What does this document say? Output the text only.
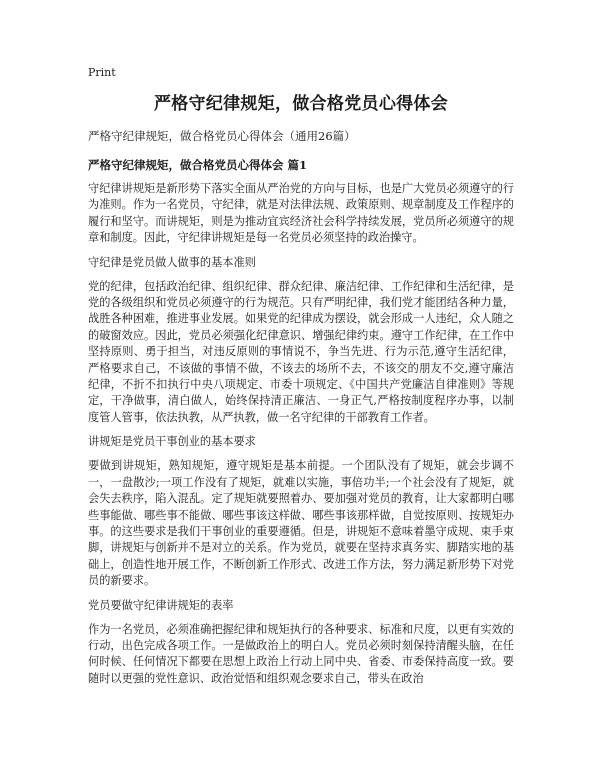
Print
严格守纪律规矩，做合格党员心得体会
严格守纪律规矩，做合格党员心得体会（通用26篇）
严格守纪律规矩，做合格党员心得体会 篇1

守纪律讲规矩是新形势下落实全面从严治党的方向与目标，也是广大党员必须遵守的行为准则。作为一名党员，守纪律，就是对法律法规、政策原则、规章制度及工作程序的履行和坚守。而讲规矩，则是为推动宜宾经济社会科学持续发展，党员所必须遵守的规章和制度。因此，守纪律讲规矩是每一名党员必须坚持的政治操守。

守纪律是党员做人做事的基本准则

党的纪律，包括政治纪律、组织纪律、群众纪律、廉洁纪律、工作纪律和生活纪律，是党的各级组织和党员必须遵守的行为规范。只有严明纪律，我们党才能团结各种力量，战胜各种困难，推进事业发展。如果党的纪律成为摆设，就会形成一人违纪，众人随之的破窗效应。因此，党员必须强化纪律意识、增强纪律约束。遵守工作纪律，在工作中坚持原则、勇于担当，对违反原则的事情说不，争当先进、行为示范,遵守生活纪律，严格要求自己，不该做的事情不做，不该去的场所不去，不该交的朋友不交,遵守廉洁纪律，不折不扣执行中央八项规定、市委十项规定、《中国共产党廉洁自律准则》等规定，干净做事，清白做人，始终保持清正廉洁、一身正气,严格按制度程序办事，以制度管人管事，依法执教，从严执教，做一名守纪律的干部教育工作者。

讲规矩是党员干事创业的基本要求

要做到讲规矩，熟知规矩，遵守规矩是基本前提。一个团队没有了规矩，就会步调不一，一盘散沙;一项工作没有了规矩，就难以实施，事倍功半;一个社会没有了规矩，就会失去秩序，陷入混乱。定了规矩就要照着办、要加强对党员的教育，让大家都明白哪些事能做、哪些事不能做、哪些事该这样做、哪些事该那样做，自觉按原则、按规矩办事。的这些要求是我们干事创业的重要遵循。但是，讲规矩不意味着墨守成规、束手束脚，讲规矩与创新并不是对立的关系。作为党员，就要在坚持求真务实、脚踏实地的基础上，创造性地开展工作，不断创新工作形式、改进工作方法，努力满足新形势下对党员的新要求。

党员要做守纪律讲规矩的表率

作为一名党员，必须准确把握纪律和规矩执行的各种要求、标准和尺度，以更有实效的行动，出色完成各项工作。一是做政治上的明白人。党员必须时刻保持清醒头脑，在任何时候、任何情况下都要在思想上政治上行动上同中央、省委、市委保持高度一致。要随时以更强的党性意识、政治觉悟和组织观念要求自己，带头在政治
